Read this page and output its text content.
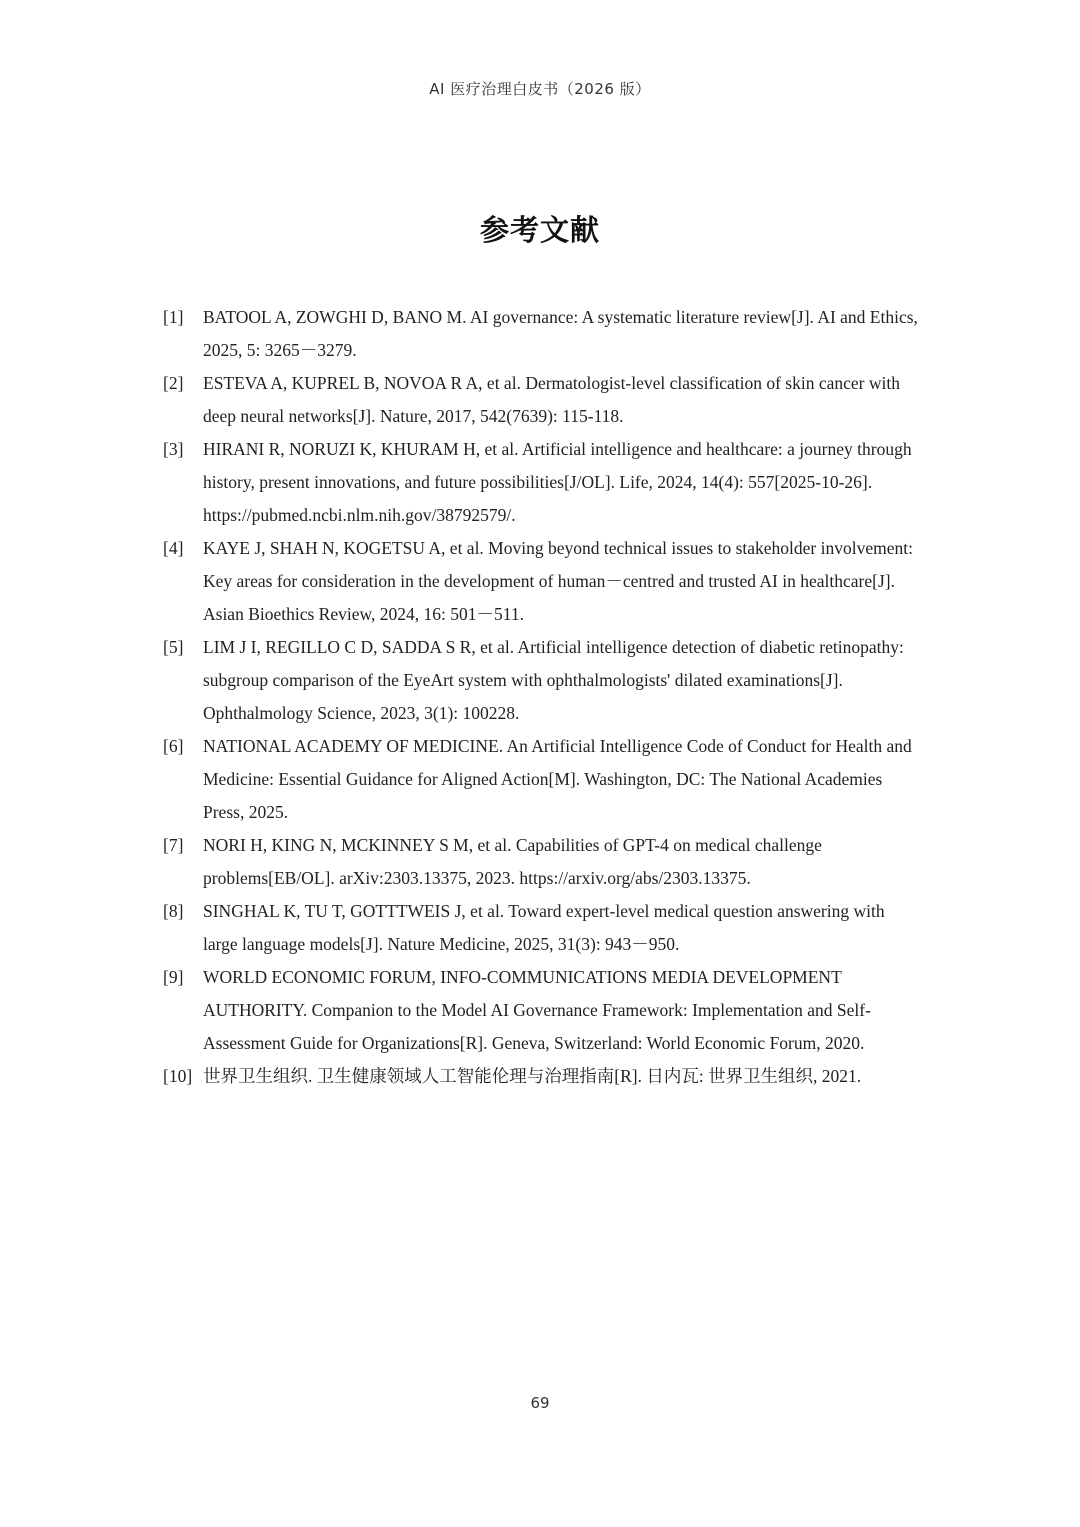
AI 医疗治理白皮书（2026 版）
参考文献

[1] BATOOL A, ZOWGHI D, BANO M. AI governance: A systematic literature review[J]. AI and Ethics, 2025, 5: 3265－3279.

[2] ESTEVA A, KUPREL B, NOVOA R A, et al. Dermatologist-level classification of skin cancer with deep neural networks[J]. Nature, 2017, 542(7639): 115-118.

[3] HIRANI R, NORUZI K, KHURAM H, et al. Artificial intelligence and healthcare: a journey through history, present innovations, and future possibilities[J/OL]. Life, 2024, 14(4): 557[2025-10-26]. https://pubmed.ncbi.nlm.nih.gov/38792579/.

[4] KAYE J, SHAH N, KOGETSU A, et al. Moving beyond technical issues to stakeholder involvement: Key areas for consideration in the development of human－centred and trusted AI in healthcare[J]. Asian Bioethics Review, 2024, 16: 501－511.

[5] LIM J I, REGILLO C D, SADDA S R, et al. Artificial intelligence detection of diabetic retinopathy: subgroup comparison of the EyeArt system with ophthalmologists' dilated examinations[J]. Ophthalmology Science, 2023, 3(1): 100228.

[6] NATIONAL ACADEMY OF MEDICINE. An Artificial Intelligence Code of Conduct for Health and Medicine: Essential Guidance for Aligned Action[M]. Washington, DC: The National Academies Press, 2025.

[7] NORI H, KING N, MCKINNEY S M, et al. Capabilities of GPT-4 on medical challenge problems[EB/OL]. arXiv:2303.13375, 2023. https://arxiv.org/abs/2303.13375.

[8] SINGHAL K, TU T, GOTTTWEIS J, et al. Toward expert-level medical question answering with large language models[J]. Nature Medicine, 2025, 31(3): 943－950.

[9] WORLD ECONOMIC FORUM, INFO-COMMUNICATIONS MEDIA DEVELOPMENT AUTHORITY. Companion to the Model AI Governance Framework: Implementation and Self-Assessment Guide for Organizations[R]. Geneva, Switzerland: World Economic Forum, 2020.

[10] 世界卫生组织. 卫生健康领域人工智能伦理与治理指南[R]. 日内瓦: 世界卫生组织, 2021.

69
